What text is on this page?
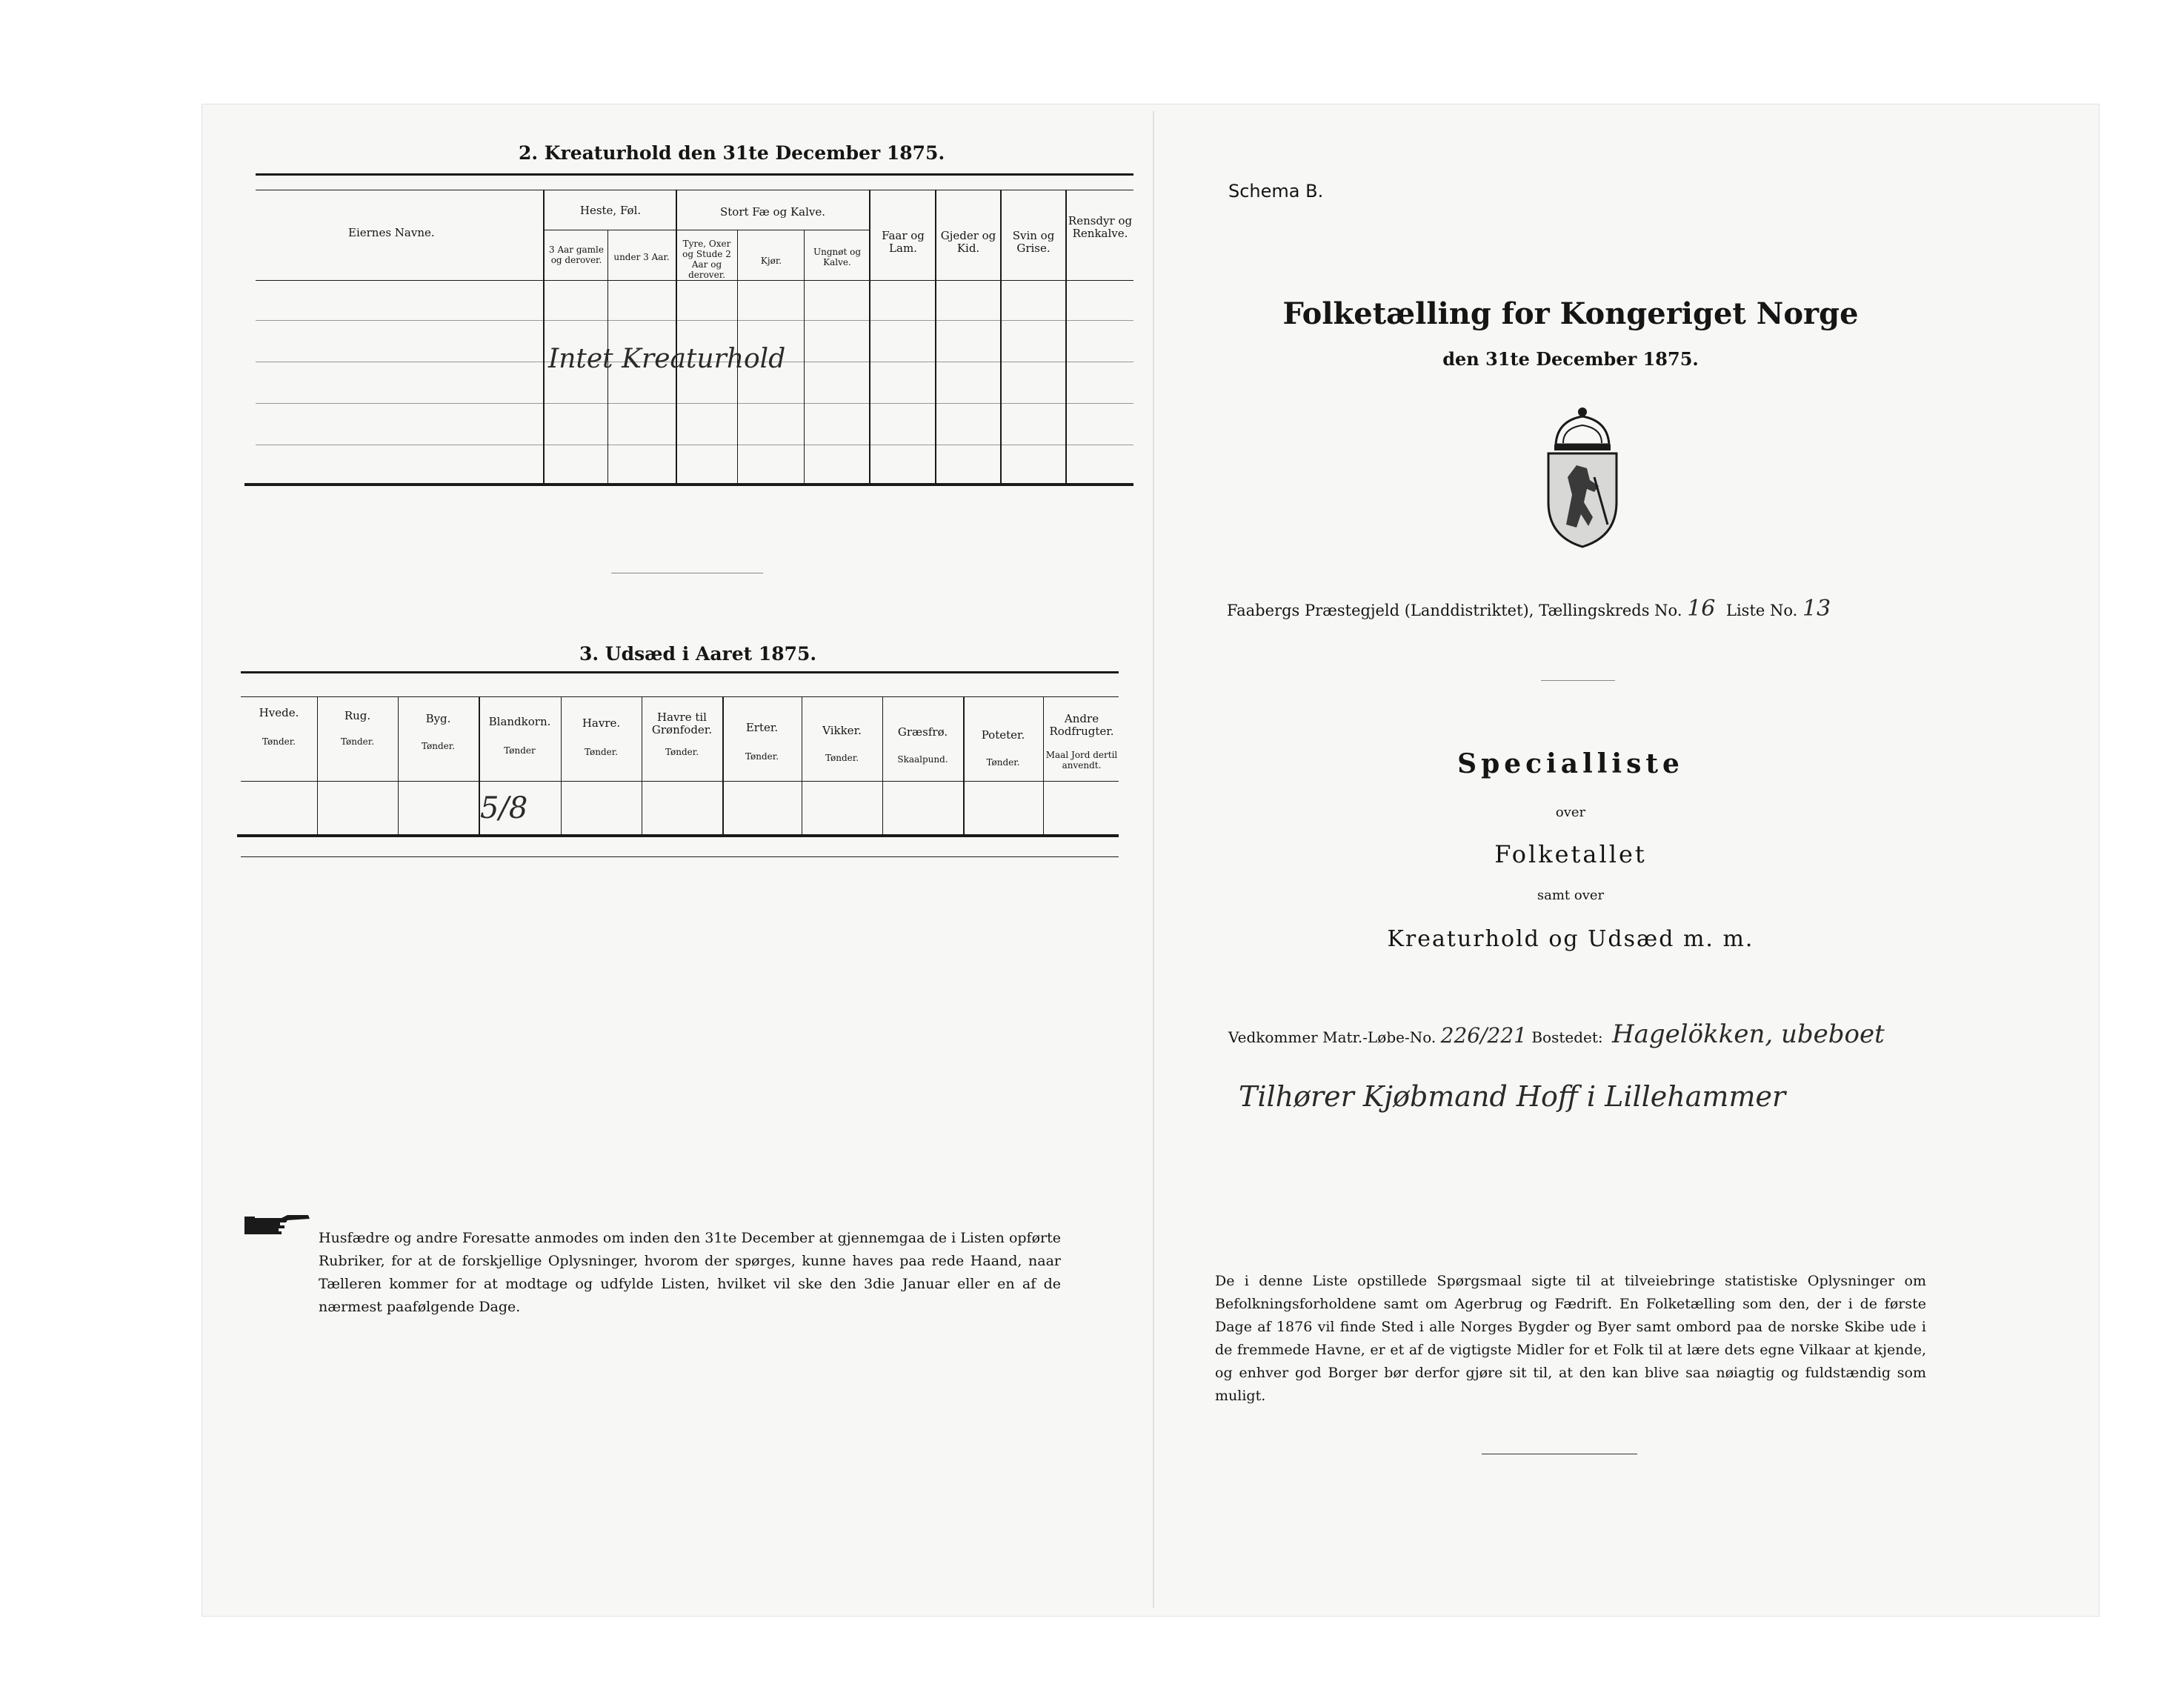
2. Kreaturhold den 31te December 1875.
Eiernes Navne.
Heste, Føl.
3 Aar gamle og derover.	under 3 Aar.
Stort Fæ og Kalve.
Tyre, Oxer og Stude 2 Aar og derover.
Kjør.
Ungnøt og Kalve.
Faar og Lam.
Gjeder og Kid.
Svin og Grise.
Rensdyr og Renkalve.
Intet Kreaturhold
3. Udsæd i Aaret 1875.
Hvede.
Tønder.
Rug.
Tønder.
Byg.
Tønder.
Blandkorn.
Tønder
Havre.
Tønder.
Havre til Grønfoder.
Tønder.
Erter.
Tønder.
Vikker.
Tønder.
Græsfrø.
Skaalpund.
Poteter.
Tønder.
Andre Rodfrugter.
Maal Jord dertil anvendt.
5/8
Husfædre og andre Foresatte anmodes om inden den 31te December at gjennemgaa de i Listen opførte Rubriker, for at de forskjellige Oplysninger, hvorom der spørges, kunne haves paa rede Haand, naar Tælleren kommer for at modtage og udfylde Listen, hvilket vil ske den 3die Januar eller en af de nærmest paafølgende Dage.
Schema B.
Folketælling for Kongeriget Norge
den 31te December 1875.
Faabergs Præstegjeld (Landdistriktet), Tællingskreds No. 16 Liste No. 13
Specialliste
over
Folketallet
samt over
Kreaturhold og Udsæd m. m.
Vedkommer Matr.-Løbe-No. 226/221 Bostedet: Hagelökken, ubeboet
Tilhører Kjøbmand Hoff i Lillehammer
De i denne Liste opstillede Spørgsmaal sigte til at tilveiebringe statistiske Oplysninger om Befolkningsforholdene samt om Agerbrug og Fædrift. En Folketælling som den, der i de første Dage af 1876 vil finde Sted i alle Norges Bygder og Byer samt ombord paa de norske Skibe ude i de fremmede Havne, er et af de vigtigste Midler for et Folk til at lære dets egne Vilkaar at kjende, og enhver god Borger bør derfor gjøre sit til, at den kan blive saa nøiagtig og fuldstændig som muligt.
